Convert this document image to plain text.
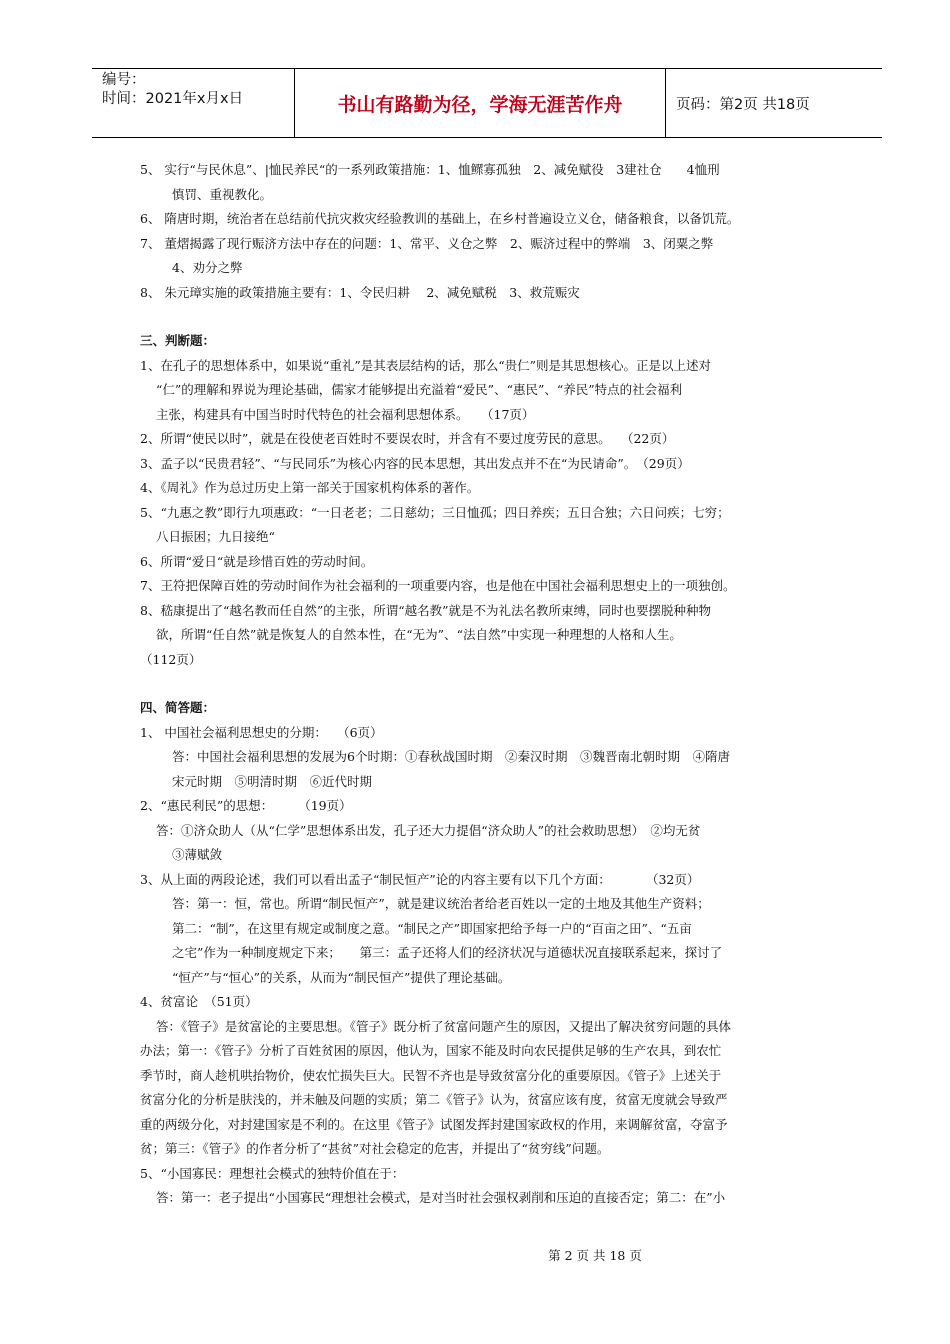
编号：
时间：2021年x月x日	书山有路勤为径，学海无涯苦作舟	页码：第2页 共18页

5、 实行“与民休息”、|恤民养民“的一系列政策措施：1、恤鳏寡孤独　2、减免赋役　3建社仓　　4恤刑

慎罚、重视教化。

6、 隋唐时期，统治者在总结前代抗灾救灾经验教训的基础上，在乡村普遍设立义仓，储备粮食，以备饥荒。

7、 董熠揭露了现行赈济方法中存在的问题：1、常平、义仓之弊　2、赈济过程中的弊端　3、闭粟之弊

4、劝分之弊

8、 朱元璋实施的政策措施主要有：1、令民归耕　 2、减免赋税　3、救荒赈灾

三、判断题：

1、在孔子的思想体系中，如果说“重礼”是其表层结构的话，那么“贵仁”则是其思想核心。正是以上述对

“仁”的理解和界说为理论基础，儒家才能够提出充溢着“爱民”、“惠民”、“养民”特点的社会福利

主张，构建具有中国当时时代特色的社会福利思想体系。　　（17页）

2、所谓“使民以时”，就是在役使老百姓时不要误农时，并含有不要过度劳民的意思。　 （22页）

3、孟子以“民贵君轻”、“与民同乐”为核心内容的民本思想，其出发点并不在“为民请命”。　（29页）

4、《周礼》作为总过历史上第一部关于国家机构体系的著作。

5、“九惠之教”即行九项惠政：“一日老老；二日慈幼；三日恤孤；四日养疾；五日合独；六日问疾；七穷；

八日振困；九日接绝“

6、所谓“爱日“就是珍惜百姓的劳动时间。

7、王符把保障百姓的劳动时间作为社会福利的一项重要内容，也是他在中国社会福利思想史上的一项独创。

8、嵇康提出了“越名教而任自然”的主张，所谓“越名教”就是不为礼法名教所束缚，同时也要摆脱种种物

欲，所谓“任自然”就是恢复人的自然本性，在“无为”、“法自然”中实现一种理想的人格和人生。

（112页）

四、简答题：

1、 中国社会福利思想史的分期：　 （6页）

答：中国社会福利思想的发展为6个时期：①春秋战国时期　②秦汉时期　③魏晋南北朝时期　④隋唐

宋元时期　⑤明清时期　⑥近代时期

2、“惠民利民”的思想：　　　（19页）

答：①济众助人（从“仁学”思想体系出发，孔子还大力提倡“济众助人”的社会救助思想）　②均无贫

③薄赋敛

3、从上面的两段论述，我们可以看出孟子“制民恒产”论的内容主要有以下几个方面：　　　 （32页）

答：第一：恒，常也。所谓“制民恒产”，就是建议统治者给老百姓以一定的土地及其他生产资料；

第二：“制”，在这里有规定或制度之意。“制民之产”即国家把给予每一户的“百亩之田”、“五亩

之宅”作为一种制度规定下来；　　第三：孟子还将人们的经济状况与道德状况直接联系起来，探讨了

“恒产”与“恒心”的关系，从而为“制民恒产”提供了理论基础。

4、贫富论　（51页）

答：《管子》是贫富论的主要思想。《管子》既分析了贫富问题产生的原因，又提出了解决贫穷问题的具体

办法；第一：《管子》分析了百姓贫困的原因，他认为，国家不能及时向农民提供足够的生产农具，到农忙

季节时，商人趁机哄抬物价，使农忙损失巨大。民智不齐也是导致贫富分化的重要原因。《管子》上述关于

贫富分化的分析是肤浅的，并未触及问题的实质；第二《管子》认为，贫富应该有度，贫富无度就会导致严

重的两级分化，对封建国家是不利的。在这里《管子》试图发挥封建国家政权的作用，来调解贫富，夺富予

贫；第三：《管子》的作者分析了“甚贫”对社会稳定的危害，并提出了“贫穷线”问题。

5、“小国寡民：理想社会模式的独特价值在于：

答：第一：老子提出“小国寡民“理想社会模式，是对当时社会强权剥削和压迫的直接否定；第二：在”小

第 2 页 共 18 页
